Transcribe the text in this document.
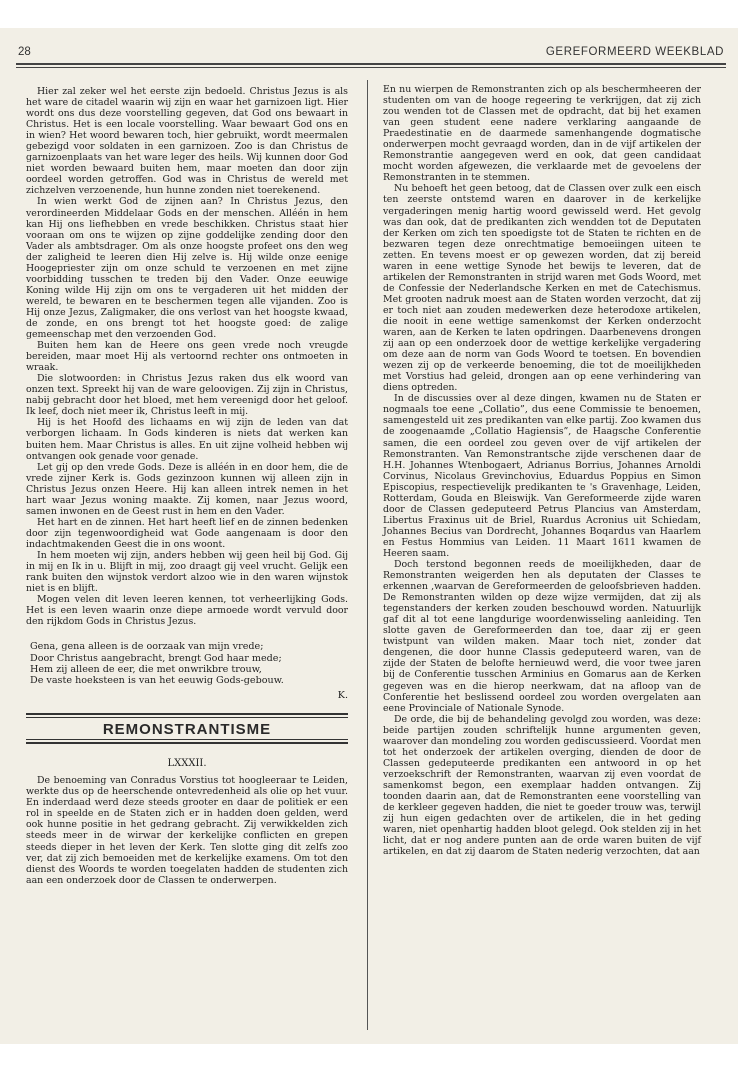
28	GEREFORMEERD WEEKBLAD

Hier zal zeker wel het eerste zijn bedoeld. Christus Jezus is als het ware de citadel waarin wij zijn en waar het garnizoen ligt. Hier wordt ons dus deze voorstelling gegeven, dat God ons bewaart in Christus. Het is een locale voorstelling. Waar bewaart God ons en in wien? Het woord bewaren toch, hier gebruikt, wordt meermalen gebezigd voor soldaten in een garnizoen. Zoo is dan Christus de garnizoenplaats van het ware leger des heils. Wij kunnen door God niet worden bewaard buiten hem, maar moeten dan door zijn oordeel worden getroffen. God was in Christus de wereld met zichzelven verzoenende, hun hunne zonden niet toerekenend.

In wien werkt God de zijnen aan? In Christus Jezus, den verordineerden Middelaar Gods en der menschen. Alléén in hem kan Hij ons liefhebben en vrede beschikken. Christus staat hier vooraan om ons te wijzen op zijne goddelijke zending door den Vader als ambtsdrager. Om als onze hoogste profeet ons den weg der zaligheid te leeren dien Hij zelve is. Hij wilde onze eenige Hoogepriester zijn om onze schuld te verzoenen en met zijne voorbidding tusschen te treden bij den Vader. Onze eeuwige Koning wilde Hij zijn om ons te vergaderen uit het midden der wereld, te bewaren en te beschermen tegen alle vijanden. Zoo is Hij onze Jezus, Zaligmaker, die ons verlost van het hoogste kwaad, de zonde, en ons brengt tot het hoogste goed: de zalige gemeenschap met den verzoenden God.

Buiten hem kan de Heere ons geen vrede noch vreugde bereiden, maar moet Hij als vertoornd rechter ons ontmoeten in wraak.

Die slotwoorden: in Christus Jezus raken dus elk woord van onzen text. Spreekt hij van de ware geloovigen. Zij zijn in Christus, nabij gebracht door het bloed, met hem vereenigd door het geloof. Ik leef, doch niet meer ik, Christus leeft in mij.

Hij is het Hoofd des lichaams en wij zijn de leden van dat verborgen lichaam. In Gods kinderen is niets dat werken kan buiten hem. Maar Christus is alles. En uit zijne volheid hebben wij ontvangen ook genade voor genade.

Let gij op den vrede Gods. Deze is alléén in en door hem, die de vrede zijner Kerk is. Gods gezinzoon kunnen wij alleen zijn in Christus Jezus onzen Heere. Hij kan alleen intrek nemen in het hart waar Jezus woning maakte. Zij komen, naar Jezus woord, samen inwonen en de Geest rust in hem en den Vader.

Het hart en de zinnen. Het hart heeft lief en de zinnen bedenken door zijn tegenwoordigheid wat Gode aangenaam is door den indachtmakenden Geest die in ons woont.

In hem moeten wij zijn, anders hebben wij geen heil bij God. Gij in mij en Ik in u. Blijft in mij, zoo draagt gij veel vrucht. Gelijk een rank buiten den wijnstok verdort alzoo wie in den waren wijnstok niet is en blijft.

Mogen velen dit leven leeren kennen, tot verheerlijking Gods. Het is een leven waarin onze diepe armoede wordt vervuld door den rijkdom Gods in Christus Jezus.

Gena, gena alleen is de oorzaak van mijn vrede;
Door Christus aangebracht, brengt God haar mede;
Hem zij alleen de eer, die met onwrikbre trouw,
De vaste hoeksteen is van het eeuwig Gods-gebouw.
K.
REMONSTRANTISME
LXXXII.

De benoeming van Conradus Vorstius tot hoogleeraar te Leiden, werkte dus op de heerschende ontevredenheid als olie op het vuur. En inderdaad werd deze steeds grooter en daar de politiek er een rol in speelde en de Staten zich er in hadden doen gelden, werd ook hunne positie in het gedrang gebracht. Zij verwikkelden zich steeds meer in de wirwar der kerkelijke conflicten en grepen steeds dieper in het leven der Kerk. Ten slotte ging dit zelfs zoo ver, dat zij zich bemoeiden met de kerkelijke examens. Om tot den dienst des Woords te worden toegelaten hadden de studenten zich aan een onderzoek door de Classen te onderwerpen.

En nu wierpen de Remonstranten zich op als beschermheeren der studenten om van de hooge regeering te verkrijgen, dat zij zich zou wenden tot de Classen met de opdracht, dat bij het examen van geen student eene nadere verklaring aangaande de Praedestinatie en de daarmede samenhangende dogmatische onderwerpen mocht gevraagd worden, dan in de vijf artikelen der Remonstrantie aangegeven werd en ook, dat geen candidaat mocht worden afgewezen, die verklaarde met de gevoelens der Remonstranten in te stemmen.

Nu behoeft het geen betoog, dat de Classen over zulk een eisch ten zeerste ontstemd waren en daarover in de kerkelijke vergaderingen menig hartig woord gewisseld werd. Het gevolg was dan ook, dat de predikanten zich wendden tot de Deputaten der Kerken om zich ten spoedigste tot de Staten te richten en de bezwaren tegen deze onrechtmatige bemoeiingen uiteen te zetten. En tevens moest er op gewezen worden, dat zij bereid waren in eene wettige Synode het bewijs te leveren, dat de artikelen der Remonstranten in strijd waren met Gods Woord, met de Confessie der Nederlandsche Kerken en met de Catechismus. Met grooten nadruk moest aan de Staten worden verzocht, dat zij er toch niet aan zouden medewerken deze heterodoxe artikelen, die nooit in eene wettige samenkomst der Kerken onderzocht waren, aan de Kerken te laten opdringen. Daarbenevens drongen zij aan op een onderzoek door de wettige kerkelijke vergadering om deze aan de norm van Gods Woord te toetsen. En bovendien wezen zij op de verkeerde benoeming, die tot de moeilijkheden met Vorstius had geleid, drongen aan op eene verhindering van diens optreden.

In de discussies over al deze dingen, kwamen nu de Staten er nogmaals toe eene „Collatio”, dus eene Commissie te benoemen, samengesteld uit zes predikanten van elke partij. Zoo kwamen dus de zoogenaamde „Collatio Hagiensis”, de Haagsche Conferentie samen, die een oordeel zou geven over de vijf artikelen der Remonstranten. Van Remonstrantsche zijde verschenen daar de H.H. Johannes Wtenbogaert, Adrianus Borrius, Johannes Arnoldi Corvinus, Nicolaus Grevinchovius, Eduardus Poppius en Simon Episcopius, respectievelijk predikanten te 's Gravenhage, Leiden, Rotterdam, Gouda en Bleiswijk. Van Gereformeerde zijde waren door de Classen gedeputeerd Petrus Plancius van Amsterdam, Libertus Fraxinus uit de Briel, Ruardus Acronius uit Schiedam, Johannes Becius van Dordrecht, Johannes Boqardus van Haarlem en Festus Hommius van Leiden. 11 Maart 1611 kwamen de Heeren saam.

Doch terstond begonnen reeds de moeilijkheden, daar de Remonstranten weigerden hen als deputaten der Classes te erkennen ,waarvan de Gereformeerden de geloofsbrieven hadden. De Remonstranten wilden op deze wijze vermijden, dat zij als tegenstanders der kerken zouden beschouwd worden. Natuurlijk gaf dit al tot eene langdurige woordenwisseling aanleiding. Ten slotte gaven de Gereformeerden dan toe, daar zij er geen twistpunt van wilden maken. Maar toch niet, zonder dat dengenen, die door hunne Classis gedeputeerd waren, van de zijde der Staten de belofte hernieuwd werd, die voor twee jaren bij de Conferentie tusschen Arminius en Gomarus aan de Kerken gegeven was en die hierop neerkwam, dat na afloop van de Conferentie het beslissend oordeel zou worden overgelaten aan eene Provinciale of Nationale Synode.

De orde, die bij de behandeling gevolgd zou worden, was deze: beide partijen zouden schriftelijk hunne argumenten geven, waarover dan mondeling zou worden gediscussieerd. Voordat men tot het onderzoek der artikelen overging, dienden de door de Classen gedeputeerde predikanten een antwoord in op het verzoekschrift der Remonstranten, waarvan zij even voordat de samenkomst begon, een exemplaar hadden ontvangen. Zij toonden daarin aan, dat de Remonstranten eene voorstelling van de kerkleer gegeven hadden, die niet te goeder trouw was, terwijl zij hun eigen gedachten over de artikelen, die in het geding waren, niet openhartig hadden bloot gelegd. Ook stelden zij in het licht, dat er nog andere punten aan de orde waren buiten de vijf artikelen, en dat zij daarom de Staten nederig verzochten, dat aan
